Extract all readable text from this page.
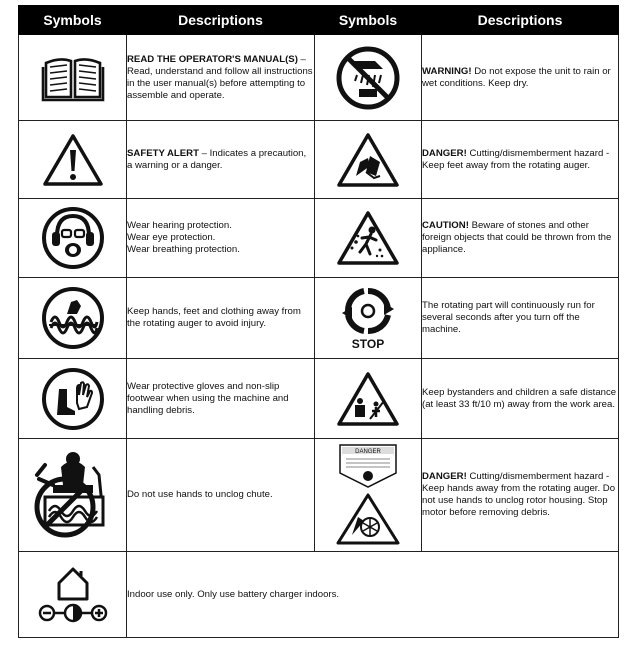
Symbols	Descriptions	Symbols	Descriptions

	READ THE OPERATOR'S MANUAL(S) – Read, understand and follow all instructions in the user manual(s) before attempting to assemble and operate.		WARNING! Do not expose the unit to rain or wet conditions. Keep dry.

	SAFETY ALERT – Indicates a precaution, a warning or a danger.		DANGER! Cutting/dismemberment hazard - Keep feet away from the rotating auger.

Wear hearing protection.
Wear eye protection.
Wear breathing protection.		CAUTION! Beware of stones and other foreign objects that could be thrown from the appliance.

	Keep hands, feet and clothing away from the rotating auger to avoid injury.	STOP	The rotating part will continuously run for several seconds after you turn off the machine.

	Wear protective gloves and non-slip footwear when using the machine and handling debris.		Keep bystanders and children a safe distance (at least 33 ft/10 m) away from the work area.

	Do not use hands to unclog chute.	DANGER	DANGER! Cutting/dismemberment hazard - Keep hands away from the rotating auger. Do not use hands to unclog rotor housing. Stop motor before removing debris.

	Indoor use only. Only use battery charger indoors.		
